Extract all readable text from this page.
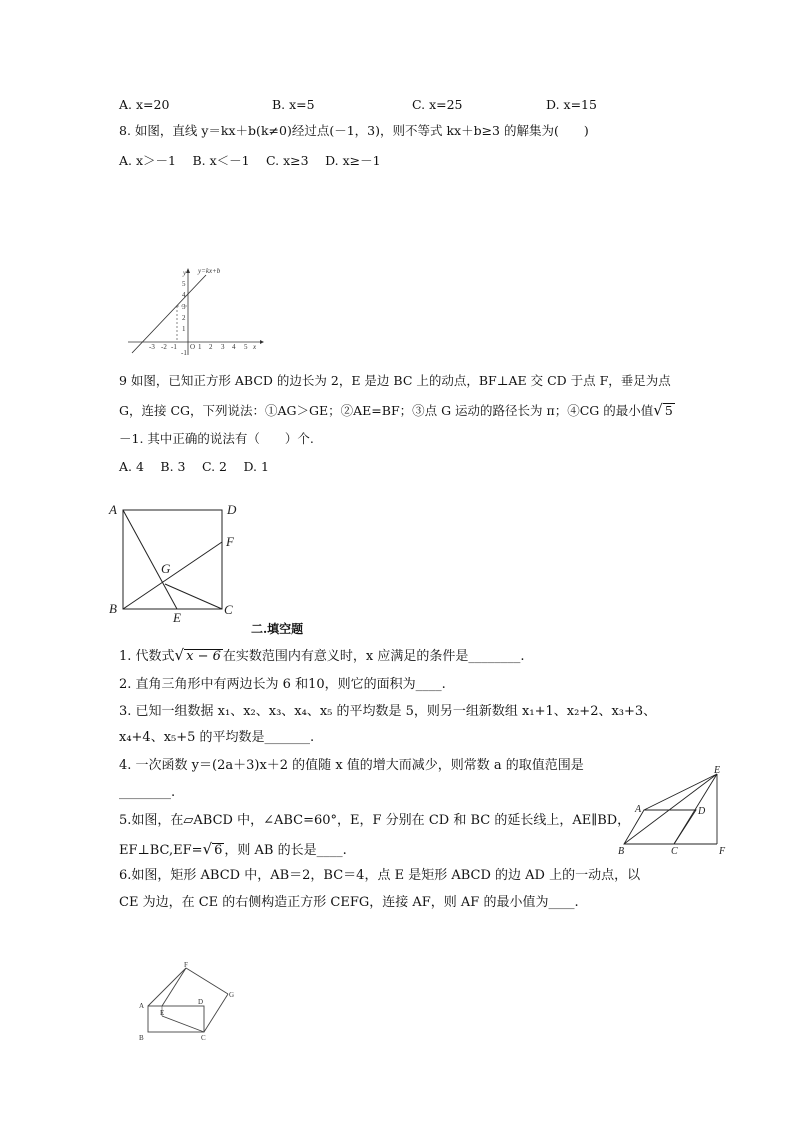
A. x=20	B. x=5	C. x=25	D. x=15
8. 如图，直线 y＝kx＋b(k≠0)经过点(－1，3)，则不等式 kx＋b≥3 的解集为(　　)
A. x＞－1　 B. x＜－1　 C. x≥3　 D. x≥－1
-3 -2 -1 O 1 2 3 4 5 x
1
2
3
4
5
y
-1
y=kx+b
9 如图，已知正方形 ABCD 的边长为 2，E 是边 BC 上的动点，BF⊥AE 交 CD 于点 F，垂足为点
G，连接 CG，下列说法：①AG＞GE；②AE=BF；③点 G 运动的路径长为 π；④CG 的最小值√ 5
－1. 其中正确的说法有（　　）个.
A. 4　 B. 3　 C. 2　 D. 1
A	D
F
G
B	C
E
二.填空题
1. 代数式√ x − 6 在实数范围内有意义时，x 应满足的条件是________.
2. 直角三角形中有两边长为 6 和10，则它的面积为____.
3. 已知一组数据 x₁、x₂、x₃、x₄、x₅ 的平均数是 5，则另一组新数组 x₁+1、x₂+2、x₃+3、
x₄+4、x₅+5 的平均数是_______.
4. 一次函数 y＝(2a＋3)x＋2 的值随 x 值的增大而减少，则常数 a 的取值范围是
________.
5.如图，在▱ABCD 中，∠ABC=60°，E，F 分别在 CD 和 BC 的延长线上，AE∥BD，
EF⊥BC,EF=√ 6 ，则 AB 的长是____.
A	D
E
B	C	F
6.如图，矩形 ABCD 中，AB＝2，BC＝4，点 E 是矩形 ABCD 的边 AD 上的一动点，以
CE 为边，在 CE 的右侧构造正方形 CEFG，连接 AF，则 AF 的最小值为____.
A	D
F
G
E
B	C
